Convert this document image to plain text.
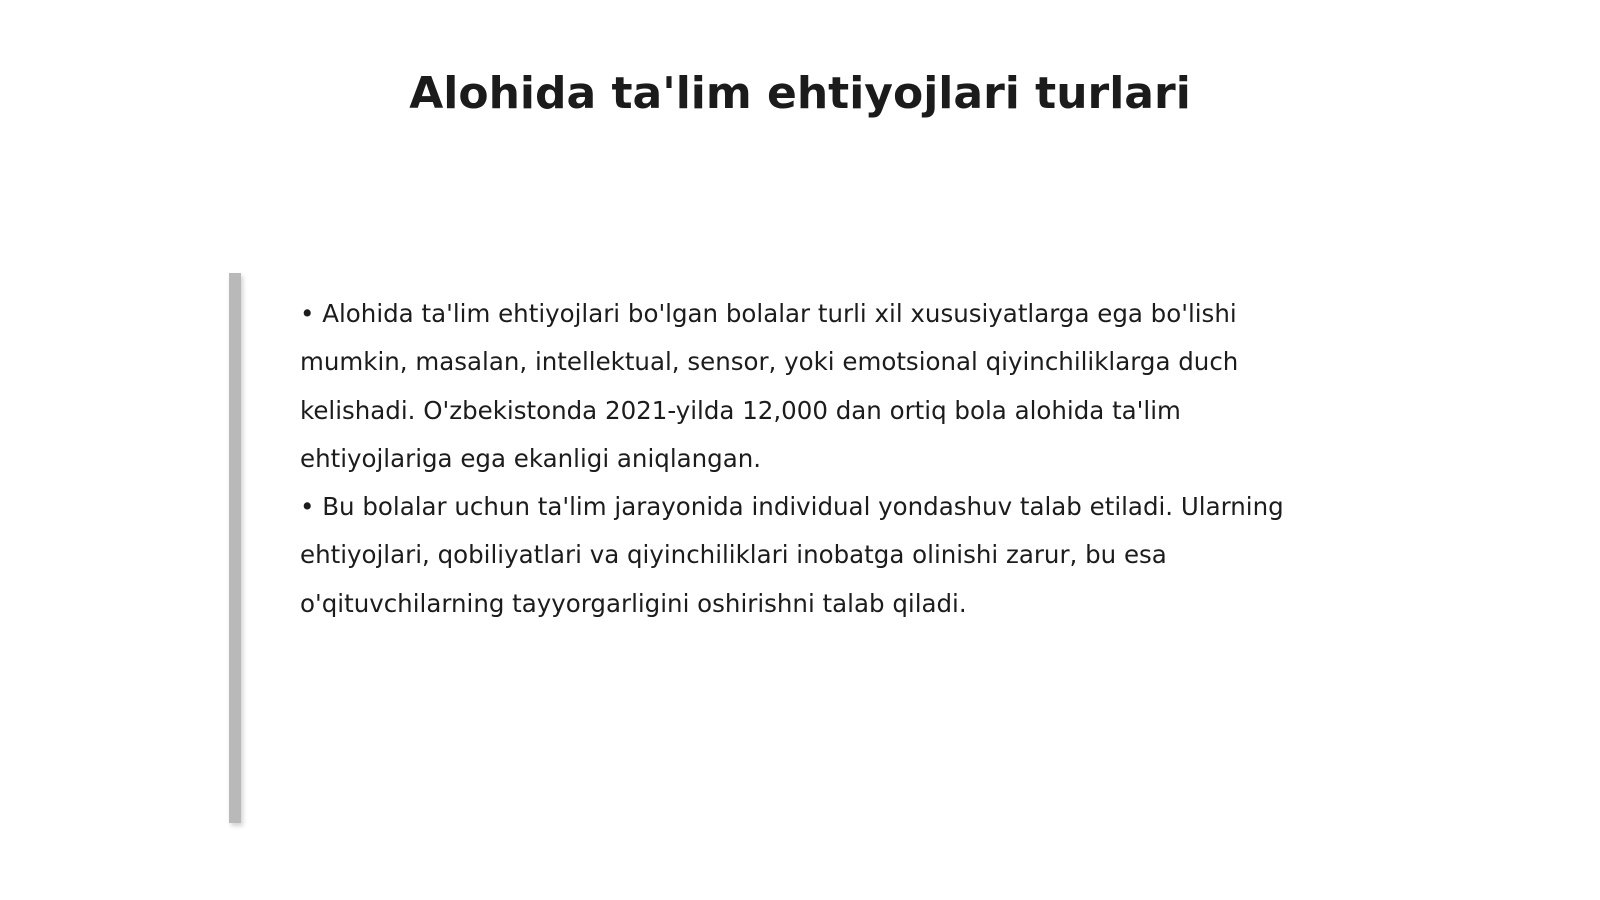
Alohida ta'lim ehtiyojlari turlari

• Alohida ta'lim ehtiyojlari bo'lgan bolalar turli xil xususiyatlarga ega bo'lishi mumkin, masalan, intellektual, sensor, yoki emotsional qiyinchiliklarga duch kelishadi. O'zbekistonda 2021-yilda 12,000 dan ortiq bola alohida ta'lim ehtiyojlariga ega ekanligi aniqlangan.

• Bu bolalar uchun ta'lim jarayonida individual yondashuv talab etiladi. Ularning ehtiyojlari, qobiliyatlari va qiyinchiliklari inobatga olinishi zarur, bu esa o'qituvchilarning tayyorgarligini oshirishni talab qiladi.
